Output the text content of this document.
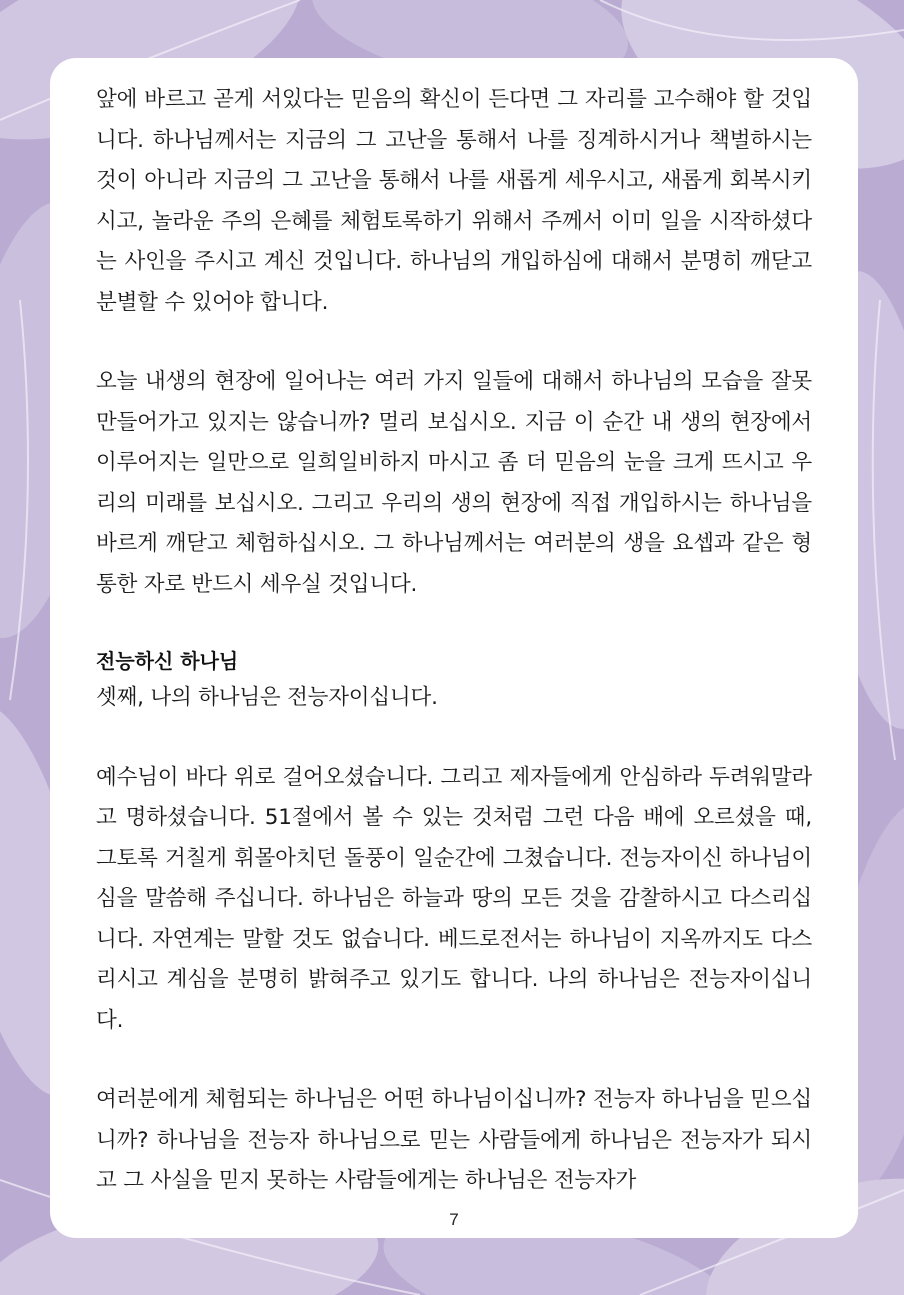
앞에 바르고 곧게 서있다는 믿음의 확신이 든다면 그 자리를 고수해야 할 것입니다. 하나님께서는 지금의 그 고난을 통해서 나를 징계하시거나 책벌하시는 것이 아니라 지금의 그 고난을 통해서 나를 새롭게 세우시고, 새롭게 회복시키시고, 놀라운 주의 은혜를 체험토록하기 위해서 주께서 이미 일을 시작하셨다는 사인을 주시고 계신 것입니다. 하나님의 개입하심에 대해서 분명히 깨닫고 분별할 수 있어야 합니다.

오늘 내생의 현장에 일어나는 여러 가지 일들에 대해서 하나님의 모습을 잘못 만들어가고 있지는 않습니까? 멀리 보십시오. 지금 이 순간 내 생의 현장에서 이루어지는 일만으로 일희일비하지 마시고 좀 더 믿음의 눈을 크게 뜨시고 우리의 미래를 보십시오. 그리고 우리의 생의 현장에 직접 개입하시는 하나님을 바르게 깨닫고 체험하십시오. 그 하나님께서는 여러분의 생을 요셉과 같은 형통한 자로 반드시 세우실 것입니다.

전능하신 하나님

셋째, 나의 하나님은 전능자이십니다.

예수님이 바다 위로 걸어오셨습니다. 그리고 제자들에게 안심하라 두려워말라고 명하셨습니다. 51절에서 볼 수 있는 것처럼 그런 다음 배에 오르셨을 때, 그토록 거칠게 휘몰아치던 돌풍이 일순간에 그쳤습니다. 전능자이신 하나님이심을 말씀해 주십니다. 하나님은 하늘과 땅의 모든 것을 감찰하시고 다스리십니다. 자연계는 말할 것도 없습니다. 베드로전서는 하나님이 지옥까지도 다스리시고 계심을 분명히 밝혀주고 있기도 합니다. 나의 하나님은 전능자이십니다.

여러분에게 체험되는 하나님은 어떤 하나님이십니까? 전능자 하나님을 믿으십니까? 하나님을 전능자 하나님으로 믿는 사람들에게 하나님은 전능자가 되시고 그 사실을 믿지 못하는 사람들에게는 하나님은 전능자가

7
